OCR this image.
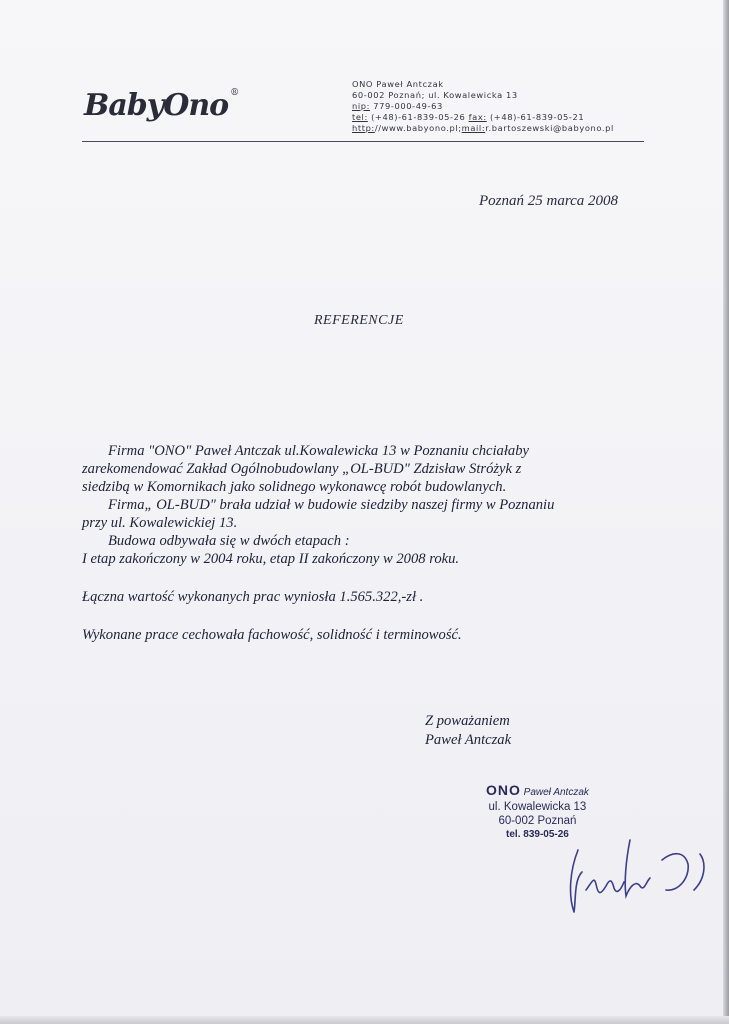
BabyOno ®
ONO Paweł Antczak
60-002 Poznań; ul. Kowalewicka 13
nip: 779-000-49-63
tel: (+48)-61-839-05-26 fax: (+48)-61-839-05-21
http://www.babyono.pl;mail:r.bartoszewski@babyono.pl
Poznań 25 marca 2008
REFERENCJE

Firma "ONO" Paweł Antczak ul.Kowalewicka 13 w Poznaniu chciałaby

zarekomendować Zakład Ogólnobudowlany „OL-BUD" Zdzisław Stróżyk z

siedzibą w Komornikach jako solidnego wykonawcę robót budowlanych.

Firma„ OL-BUD" brała udział w budowie siedziby naszej firmy w Poznaniu

przy ul. Kowalewickiej 13.

Budowa odbywała się w dwóch etapach :

I etap zakończony w 2004 roku, etap II zakończony w 2008 roku.

Łączna wartość wykonanych prac wyniosła 1.565.322,-zł .

Wykonane prace cechowała fachowość, solidność i terminowość.

Z poważaniem
Paweł Antczak
ONO Paweł Antczak
ul. Kowalewicka 13
60-002 Poznań
tel. 839-05-26
